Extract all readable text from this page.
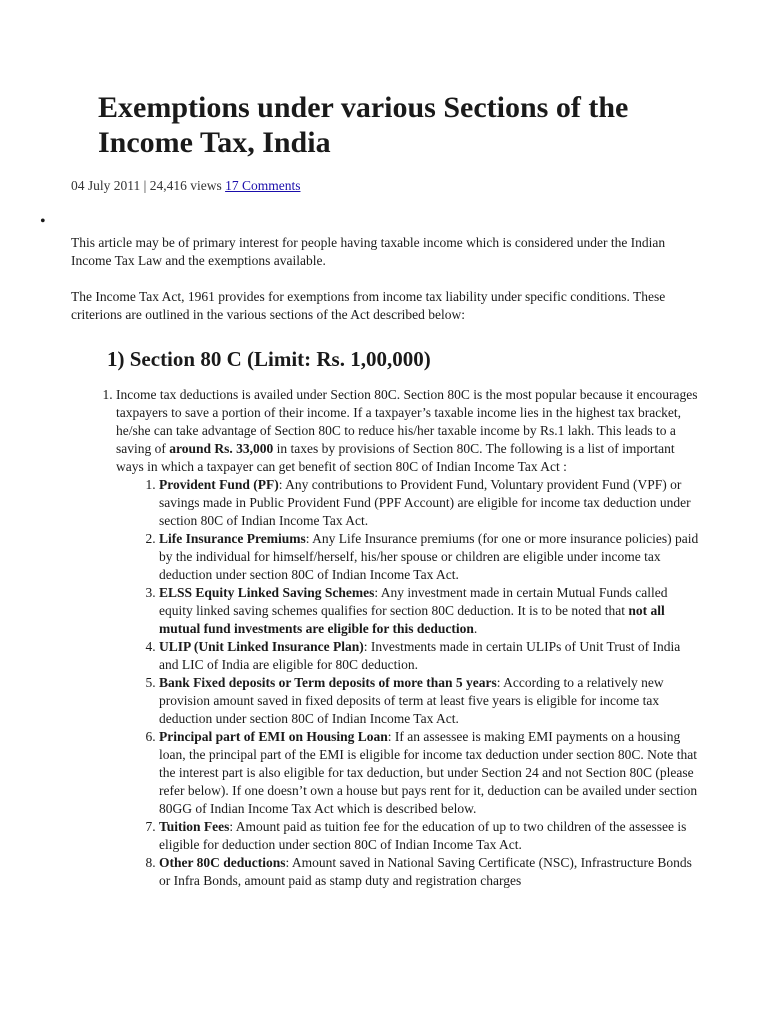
Exemptions under various Sections of the Income Tax, India
04 July 2011 | 24,416 views 17 Comments
•

This article may be of primary interest for people having taxable income which is considered under the Indian Income Tax Law and the exemptions available.

The Income Tax Act, 1961 provides for exemptions from income tax liability under specific conditions. These criterions are outlined in the various sections of the Act described below:

1) Section 80 C (Limit: Rs. 1,00,000)
1. Income tax deductions is availed under Section 80C. Section 80C is the most popular because it encourages taxpayers to save a portion of their income. If a taxpayer’s taxable income lies in the highest tax bracket, he/she can take advantage of Section 80C to reduce his/her taxable income by Rs.1 lakh. This leads to a saving of around Rs. 33,000 in taxes by provisions of Section 80C. The following is a list of important ways in which a taxpayer can get benefit of section 80C of Indian Income Tax Act :
1. Provident Fund (PF): Any contributions to Provident Fund, Voluntary provident Fund (VPF) or savings made in Public Provident Fund (PPF Account) are eligible for income tax deduction under section 80C of Indian Income Tax Act.
2. Life Insurance Premiums: Any Life Insurance premiums (for one or more insurance policies) paid by the individual for himself/herself, his/her spouse or children are eligible under income tax deduction under section 80C of Indian Income Tax Act.
3. ELSS Equity Linked Saving Schemes: Any investment made in certain Mutual Funds called equity linked saving schemes qualifies for section 80C deduction. It is to be noted that not all mutual fund investments are eligible for this deduction.
4. ULIP (Unit Linked Insurance Plan): Investments made in certain ULIPs of Unit Trust of India and LIC of India are eligible for 80C deduction.
5. Bank Fixed deposits or Term deposits of more than 5 years: According to a relatively new provision amount saved in fixed deposits of term at least five years is eligible for income tax deduction under section 80C of Indian Income Tax Act.
6. Principal part of EMI on Housing Loan: If an assessee is making EMI payments on a housing loan, the principal part of the EMI is eligible for income tax deduction under section 80C. Note that the interest part is also eligible for tax deduction, but under Section 24 and not Section 80C (please refer below). If one doesn’t own a house but pays rent for it, deduction can be availed under section 80GG of Indian Income Tax Act which is described below.
7. Tuition Fees: Amount paid as tuition fee for the education of up to two children of the assessee is eligible for deduction under section 80C of Indian Income Tax Act.
8. Other 80C deductions: Amount saved in National Saving Certificate (NSC), Infrastructure Bonds or Infra Bonds, amount paid as stamp duty and registration charges
